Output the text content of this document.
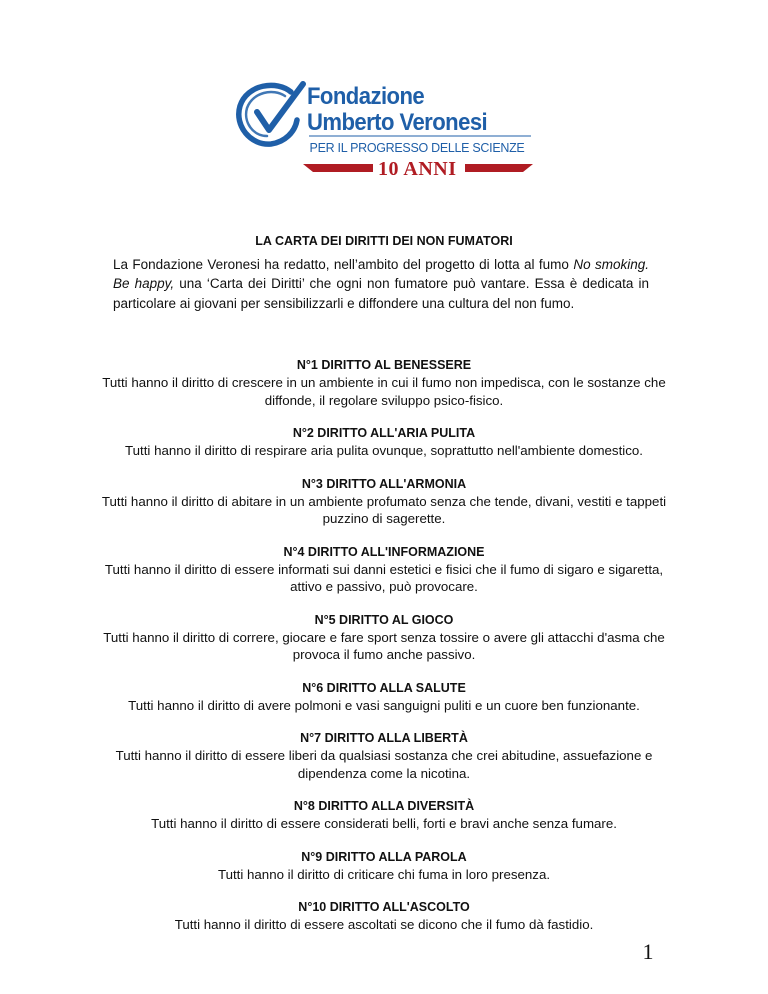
Fondazione
Umberto Veronesi
PER IL PROGRESSO DELLE SCIENZE
10 ANNI
LA CARTA DEI DIRITTI DEI NON FUMATORI
La Fondazione Veronesi ha redatto, nell’ambito del progetto di lotta al fumo No smoking. Be happy, una ‘Carta dei Diritti’ che ogni non fumatore può vantare. Essa è dedicata in particolare ai giovani per sensibilizzarli e diffondere una cultura del non fumo.
N°1 DIRITTO AL BENESSERE

Tutti hanno il diritto di crescere in un ambiente in cui il fumo non impedisca, con le sostanze che diffonde, il regolare sviluppo psico-fisico.

N°2 DIRITTO ALL'ARIA PULITA

Tutti hanno il diritto di respirare aria pulita ovunque, soprattutto nell'ambiente domestico.

N°3 DIRITTO ALL'ARMONIA

Tutti hanno il diritto di abitare in un ambiente profumato senza che tende, divani, vestiti e tappeti puzzino di sagerette.

N°4 DIRITTO ALL'INFORMAZIONE

Tutti hanno il diritto di essere informati sui danni estetici e fisici che il fumo di sigaro e sigaretta, attivo e passivo, può provocare.

N°5 DIRITTO AL GIOCO

Tutti hanno il diritto di correre, giocare e fare sport senza tossire o avere gli attacchi d'asma che provoca il fumo anche passivo.

N°6 DIRITTO ALLA SALUTE

Tutti hanno il diritto di avere polmoni e vasi sanguigni puliti e un cuore ben funzionante.

N°7 DIRITTO ALLA LIBERTÀ

Tutti hanno il diritto di essere liberi da qualsiasi sostanza che crei abitudine, assuefazione e dipendenza come la nicotina.

N°8 DIRITTO ALLA DIVERSITÀ

Tutti hanno il diritto di essere considerati belli, forti e bravi anche senza fumare.

N°9 DIRITTO ALLA PAROLA

Tutti hanno il diritto di criticare chi fuma in loro presenza.

N°10 DIRITTO ALL'ASCOLTO

Tutti hanno il diritto di essere ascoltati se dicono che il fumo dà fastidio.

1
